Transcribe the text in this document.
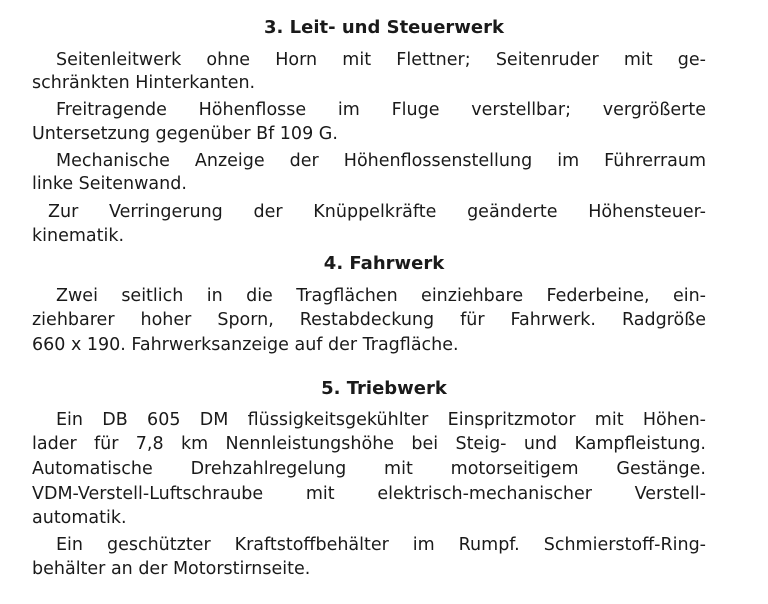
3. Leit- und Steuerwerk
Seitenleitwerk ohne Horn mit Flettner; Seitenruder mit ge-
schränkten Hinterkanten.
Freitragende Höhenflosse im Fluge verstellbar; vergrößerte
Untersetzung gegenüber Bf 109 G.
Mechanische Anzeige der Höhenflossenstellung im Führerraum
linke Seitenwand.
Zur Verringerung der Knüppelkräfte geänderte Höhensteuer-
kinematik.
4. Fahrwerk
Zwei seitlich in die Tragflächen einziehbare Federbeine, ein-
ziehbarer hoher Sporn, Restabdeckung für Fahrwerk. Radgröße
660 x 190. Fahrwerksanzeige auf der Tragfläche.
5. Triebwerk
Ein DB 605 DM flüssigkeitsgekühlter Einspritzmotor mit Höhen-
lader für 7,8 km Nennleistungshöhe bei Steig- und Kampfleistung.
Automatische Drehzahlregelung mit motorseitigem Gestänge.
VDM-Verstell-Luftschraube mit elektrisch-mechanischer Verstell-
automatik.
Ein geschützter Kraftstoffbehälter im Rumpf. Schmierstoff-Ring-
behälter an der Motorstirnseite.
